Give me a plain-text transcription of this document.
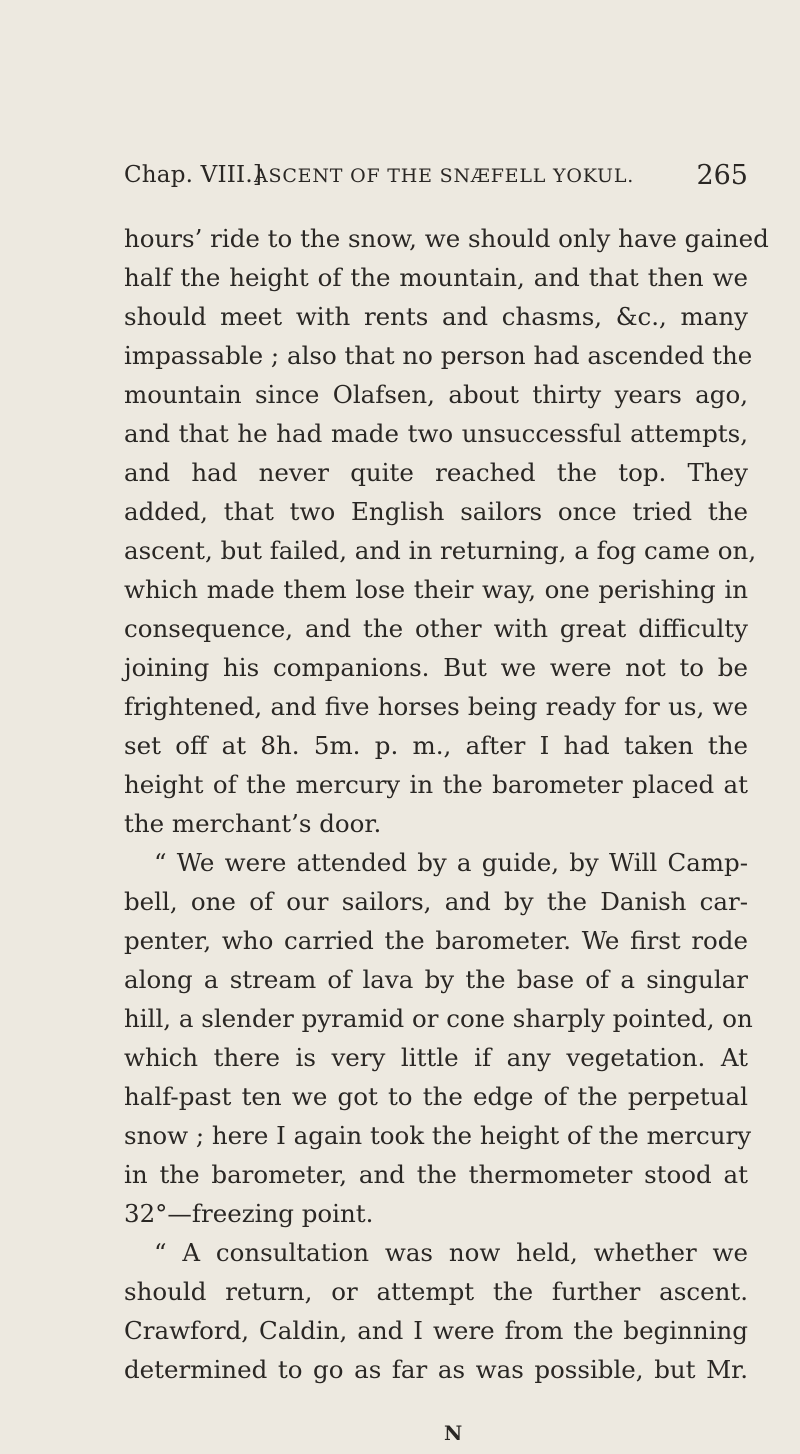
Chap. VIII.]
ASCENT OF THE SNÆFELL YOKUL. 265
hours’ ride to the snow, we should only have gained
half the height of the mountain, and that then we
should meet with rents and chasms, &c., many
impassable ; also that no person had ascended the
mountain since Olafsen, about thirty years ago,
and that he had made two unsuccessful attempts,
and had never quite reached the top. They
added, that two English sailors once tried the
ascent, but failed, and in returning, a fog came on,
which made them lose their way, one perishing in
consequence, and the other with great difficulty
joining his companions. But we were not to be
frightened, and five horses being ready for us, we
set off at 8h. 5m. p. m., after I had taken the
height of the mercury in the barometer placed at
the merchant’s door.
“ We were attended by a guide, by Will Camp-
bell, one of our sailors, and by the Danish car-
penter, who carried the barometer. We first rode
along a stream of lava by the base of a singular
hill, a slender pyramid or cone sharply pointed, on
which there is very little if any vegetation. At
half-past ten we got to the edge of the perpetual
snow ; here I again took the height of the mercury
in the barometer, and the thermometer stood at
32°—freezing point.
“ A consultation was now held, whether we
should return, or attempt the further ascent.
Crawford, Caldin, and I were from the beginning
determined to go as far as was possible, but Mr.
N
